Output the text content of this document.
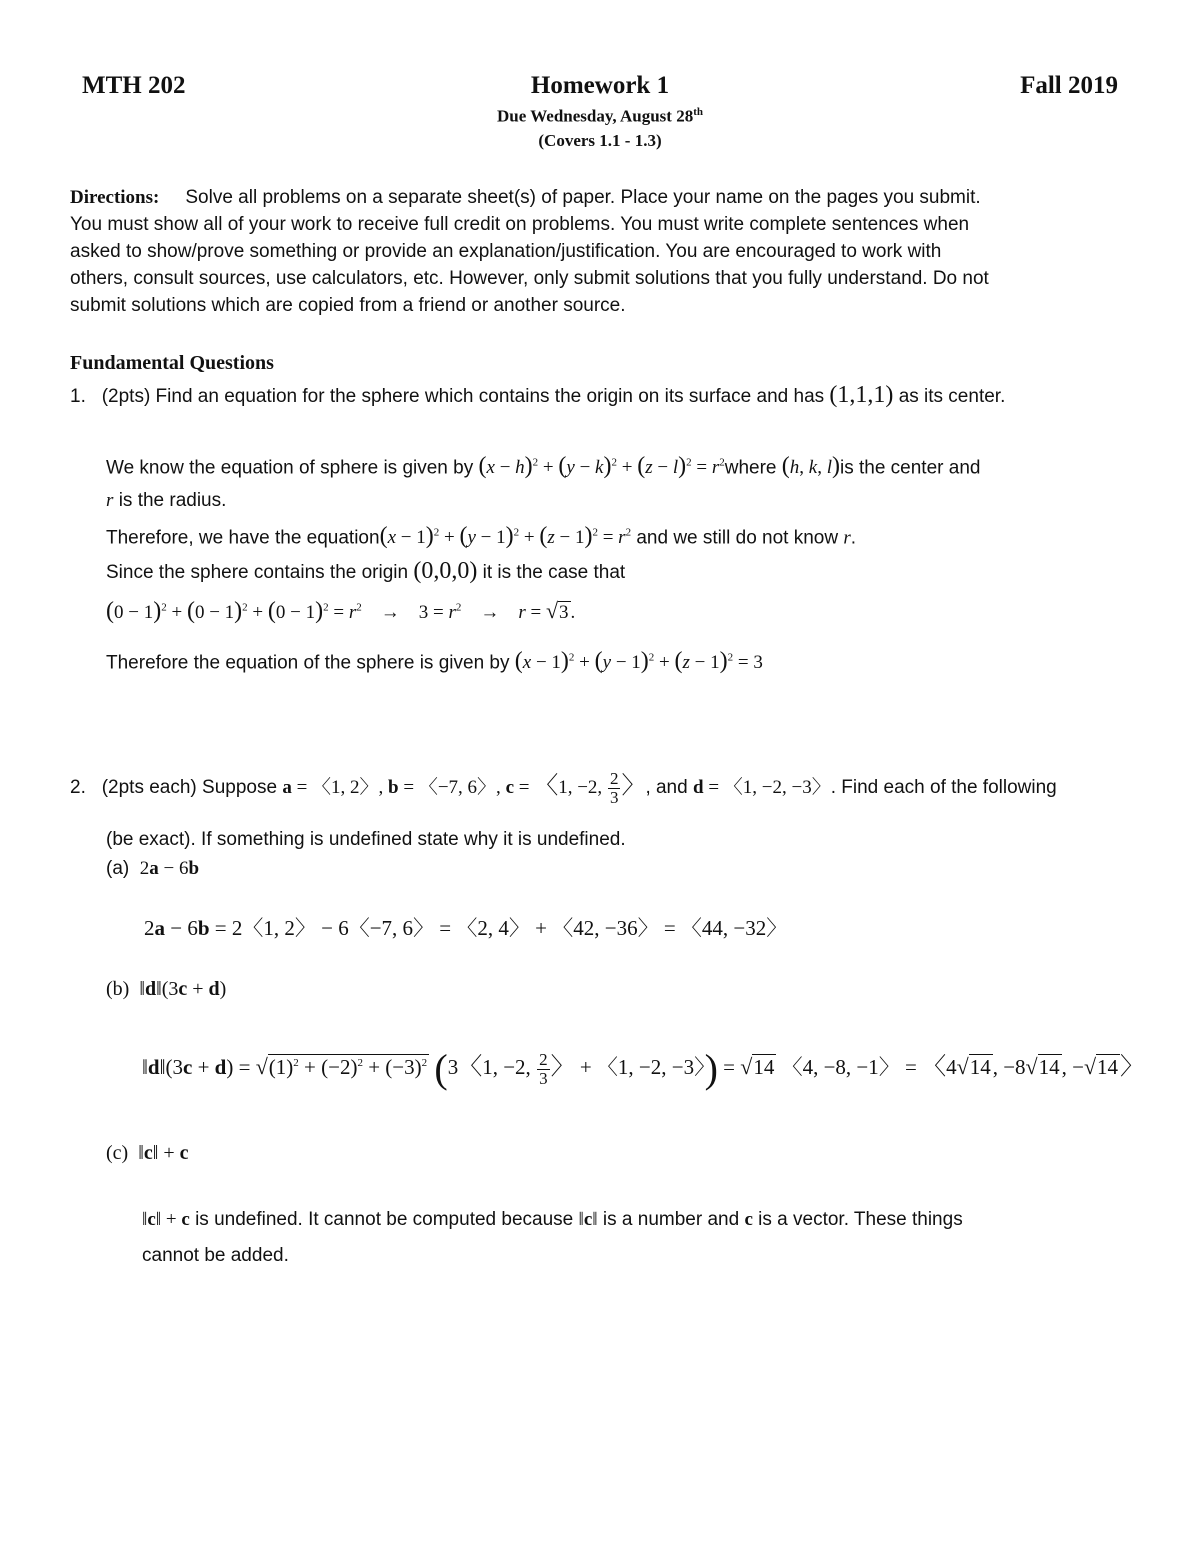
MTH 202	Homework 1	Fall 2019
Due Wednesday, August 28th
(Covers 1.1 - 1.3)
Directions: Solve all problems on a separate sheet(s) of paper. Place your name on the pages you submit.
You must show all of your work to receive full credit on problems. You must write complete sentences when
asked to show/prove something or provide an explanation/justification. You are encouraged to work with
others, consult sources, use calculators, etc. However, only submit solutions that you fully understand. Do not
submit solutions which are copied from a friend or another source.
Fundamental Questions
1. (2pts) Find an equation for the sphere which contains the origin on its surface and has (1,1,1) as its center.
We know the equation of sphere is given by $(x - h)^2 + (y - k)^2 + (z - l)^2$ = $r^2where$ (h, k, l)is the center and
r is the radius.
Therefore, we have the equation(x − $1)^2 + (y - 1)^2 + (z - 1)^2 = r^2$ and we still do not know r.
Since the sphere contains the origin (0,0,0) it is the case that
$(0 - 1)^2 + (0 - 1)^2 + (0 - 1)^2 = r^2$    →    $3 = r^2$    →    r = √3 .
Therefore the equation of the sphere is given by $(x - 1)^2 + (y - 1)^2 + (z - 1)^2 = 3$
2. (2pts each) Suppose a = 〈1, 2〉, b = 〈−7, 6〉, c = 〈1, −2, $\frac{2}{3}$ 〉, and d = 〈1, −2, −3〉. Find each of the following
(be exact). If something is undefined state why it is undefined.
(a) 2a − 6b
2a − 6b = 2〈1, 2〉 − 6〈−7, 6〉 = 〈2, 4〉 + 〈42, −36〉 = 〈44, −32〉
(b)  ‖d‖(3c + d)
‖d‖(3c + $d) = √(1)^2 + (-2)^2 + (-3)^2$ (3〈1, −2, $\frac{2}{3}$ 〉 + 〈1, −2, −3〉) = √14 〈4, −8, −1〉 = 〈4√14, −8√14, −√14〉
(c)  ‖c‖ + c
‖c‖ + c is undefined. It cannot be computed because ‖c‖ is a number and c is a vector. These things
cannot be added.
